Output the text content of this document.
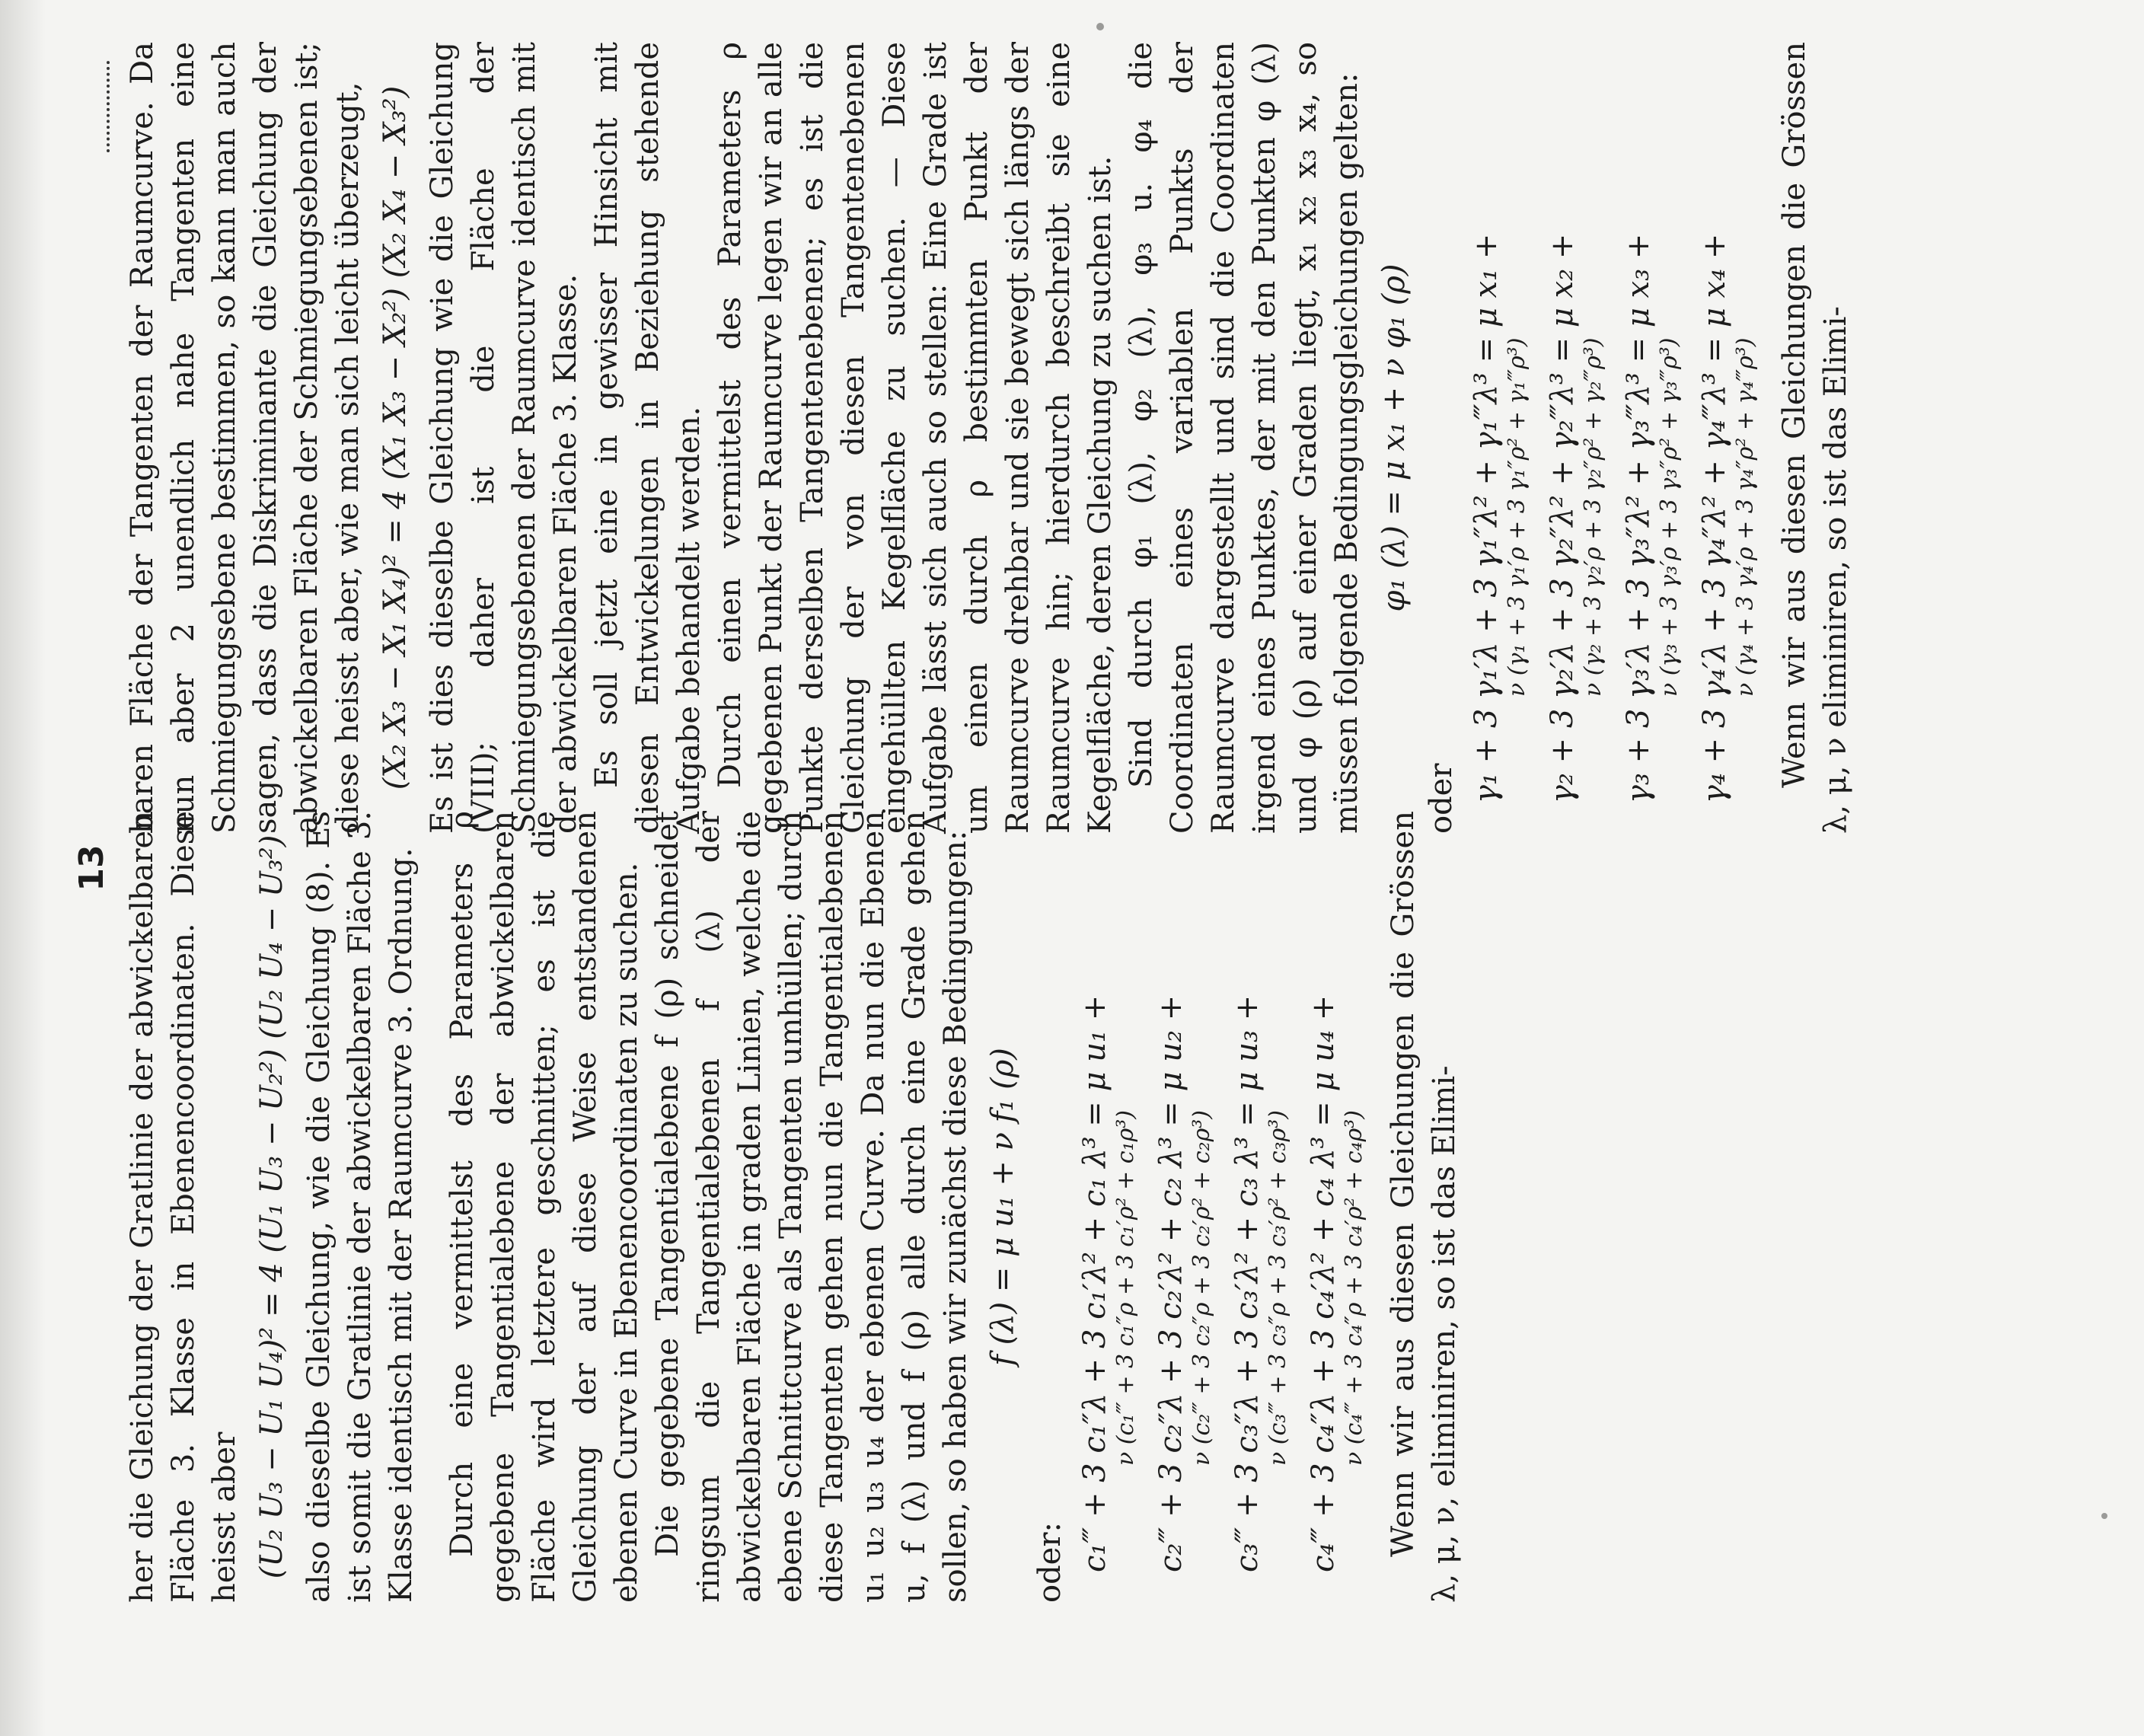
13 her die Gleichung der Gratlinie der abwickelbaren Fläche 3. Klasse in Ebenencoordinaten. Diese heisst aber (U₂ U₃ − U₁ U₄)² = 4 (U₁ U₃ − U₂²) (U₂ U₄ − U₃²) also dieselbe Gleichung, wie die Gleichung (8). Es ist somit die Gratlinie der abwickelbaren Fläche 3. Klasse identisch mit der Raumcurve 3. Ordnung. Durch eine vermittelst des Parameters ρ gegebene Tangentialebene der abwickelbaren Fläche wird letztere geschnitten; es ist die Gleichung der auf diese Weise entstandenen ebenen Curve in Ebenencoordinaten zu suchen. Die gegebene Tangentialebene f (ρ) schneidet ringsum die Tangentialebenen f (λ) der abwickelbaren Fläche in graden Linien, welche die ebene Schnittcurve als Tangenten umhüllen; durch diese Tangenten gehen nun die Tangentialebenen u₁ u₂ u₃ u₄ der ebenen Curve. Da nun die Ebenen u, f (λ) und f (ρ) alle durch eine Grade gehen sollen, so haben wir zunächst diese Bedingungen: f (λ) = μ u₁ + ν f₁ (ρ)

oder: c₁‴ + 3 c₁″λ + 3 c₁′λ² + c₁ λ³ = μ u₁ + ν (c₁‴ + 3 c₁″ρ + 3 c₁′ρ² + c₁ρ³) c₂‴ + 3 c₂″λ + 3 c₂′λ² + c₂ λ³ = μ u₂ + ν (c₂‴ + 3 c₂″ρ + 3 c₂′ρ² + c₂ρ³) c₃‴ + 3 c₃″λ + 3 c₃′λ² + c₃ λ³ = μ u₃ + ν (c₃‴ + 3 c₃″ρ + 3 c₃′ρ² + c₃ρ³) c₄‴ + 3 c₄″λ + 3 c₄′λ² + c₄ λ³ = μ u₄ + ν (c₄‴ + 3 c₄″ρ + 3 c₄′ρ² + c₄ρ³) Wenn wir aus diesen Gleichungen die Grössen λ, μ, ν, eliminiren, so ist das Elimi-

baren Fläche der Tangenten der Raumcurve. Da nun aber 2 unendlich nahe Tangenten eine Schmiegungsebene bestimmen, so kann man auch sagen, dass die Diskriminante die Gleichung der abwickelbaren Fläche der Schmiegungsebenen ist; diese heisst aber, wie man sich leicht überzeugt, (X₂ X₃ − X₁ X₄)² = 4 (X₁ X₃ − X₂²) (X₂ X₄ − X₃²) Es ist dies dieselbe Gleichung wie die Gleichung (VIII); daher ist die Fläche der Schmiegungsebenen der Raumcurve identisch mit der abwickelbaren Fläche 3. Klasse. Es soll jetzt eine in gewisser Hinsicht mit diesen Entwickelungen in Beziehung stehende Aufgabe behandelt werden. Durch einen vermittelst des Parameters ρ gegebenen Punkt der Raumcurve legen wir an alle Punkte derselben Tangentenebenen; es ist die Gleichung der von diesen Tangentenebenen eingehüllten Kegelfläche zu suchen. — Diese Aufgabe lässt sich auch so stellen: Eine Grade ist um einen durch ρ bestimmten Punkt der Raumcurve drehbar und sie bewegt sich längs der Raumcurve hin; hierdurch beschreibt sie eine Kegelfläche, deren Gleichung zu suchen ist. Sind durch φ₁ (λ), φ₂ (λ), φ₃ u. φ₄ die Coordinaten eines variablen Punkts der Raumcurve dargestellt und sind die Coordinaten irgend eines Punktes, der mit den Punkten φ (λ) und φ (ρ) auf einer Graden liegt, x₁ x₂ x₃ x₄, so müssen folgende Bedingungsgleichungen gelten: φ₁ (λ) = μ x₁ + ν φ₁ (ρ)

oder γ₁ + 3 γ₁′λ + 3 γ₁″λ² + γ₁‴λ³ = μ x₁ + ν (γ₁ + 3 γ₁′ρ + 3 γ₁″ρ² + γ₁‴ρ³) γ₂ + 3 γ₂′λ + 3 γ₂″λ² + γ₂‴λ³ = μ x₂ + ν (γ₂ + 3 γ₂′ρ + 3 γ₂″ρ² + γ₂‴ρ³) γ₃ + 3 γ₃′λ + 3 γ₃″λ² + γ₃‴λ³ = μ x₃ + ν (γ₃ + 3 γ₃′ρ + 3 γ₃″ρ² + γ₃‴ρ³) γ₄ + 3 γ₄′λ + 3 γ₄″λ² + γ₄‴λ³ = μ x₄ + ν (γ₄ + 3 γ₄′ρ + 3 γ₄″ρ² + γ₄‴ρ³) Wenn wir aus diesen Gleichungen die Grössen λ, μ, ν eliminiren, so ist das Elimi-
